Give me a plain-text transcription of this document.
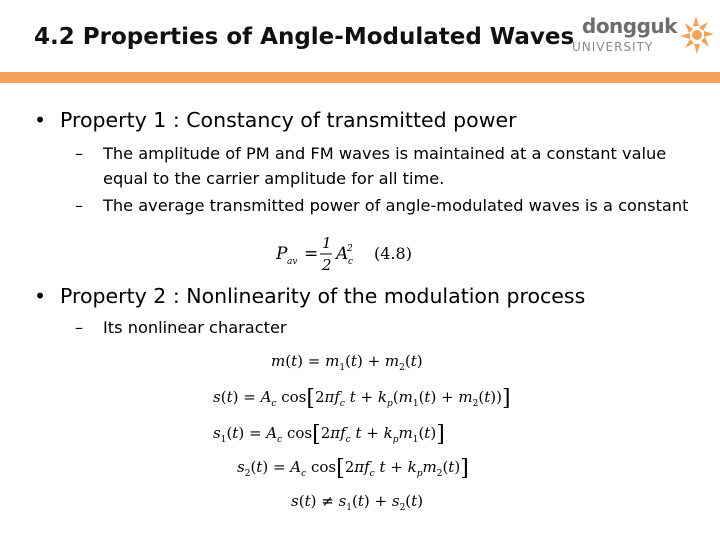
4.2 Properties of Angle-Modulated Waves dongguk
UNIVERSITY
• Property 1 : Constancy of transmitted power
–	The amplitude of PM and FM waves is maintained at a constant value equal to the carrier amplitude for all time.
–	The average transmitted power of angle-modulated waves is a constant
P av =
1
2
A
2
c (4.8)
• Property 2 : Nonlinearity of the modulation process
–	Its nonlinear character
$m(t) = m_1(t) + m_2(t)$
$s(t) = A_c$ $\cos[2\pi f_c$ $t + k_p(m_1(t) + m_2(t))$]
$s_1(t) = A_c$ $\cos[2\pi f_c$ $t + k_pm_1(t)$]
$s_2(t) = A_c$ $\cos[2\pi f_c$ $t + k_pm_2(t)$]
$s(t) \ne s_1(t) + s_2(t)$
